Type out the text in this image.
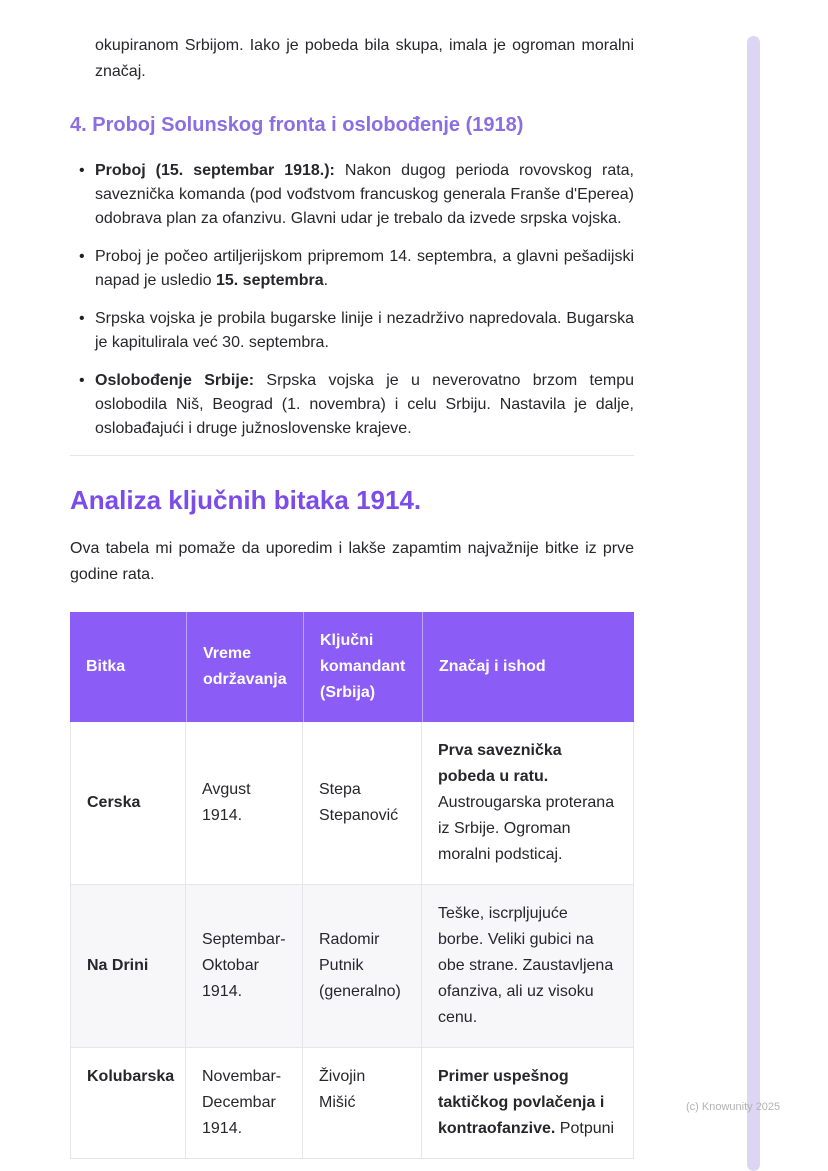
okupiranom Srbijom. Iako je pobeda bila skupa, imala je ogroman moralni značaj.

4. Proboj Solunskog fronta i oslobođenje (1918)
• Proboj (15. septembar 1918.): Nakon dugog perioda rovovskog rata, saveznička komanda (pod vođstvom francuskog generala Franše d'Eperea) odobrava plan za ofanzivu. Glavni udar je trebalo da izvede srpska vojska.
• Proboj je počeo artiljerijskom pripremom 14. septembra, a glavni pešadijski napad je usledio 15. septembra.
• Srpska vojska je probila bugarske linije i nezadrživo napredovala. Bugarska je kapitulirala već 30. septembra.
• Oslobođenje Srbije: Srpska vojska je u neverovatno brzom tempu oslobodila Niš, Beograd (1. novembra) i celu Srbiju. Nastavila je dalje, oslobađajući i druge južnoslovenske krajeve.
Analiza ključnih bitaka 1914.

Ova tabela mi pomaže da uporedim i lakše zapamtim najvažnije bitke iz prve godine rata.

Bitka	Vreme održavanja	Ključni komandant (Srbija)	Značaj i ishod
Cerska	Avgust 1914.	Stepa Stepanović	Prva saveznička pobeda u ratu. Austrougarska proterana iz Srbije. Ogroman moralni podsticaj.
Na Drini	Septembar-Oktobar 1914.	Radomir Putnik (generalno)	Teške, iscrpljujuće borbe. Veliki gubici na obe strane. Zaustavljena ofanziva, ali uz visoku cenu.
Kolubarska	Novembar-Decembar 1914.	Živojin Mišić	Primer uspešnog taktičkog povlačenja i kontraofanzive. Potpuni
(c) Knowunity 2025
